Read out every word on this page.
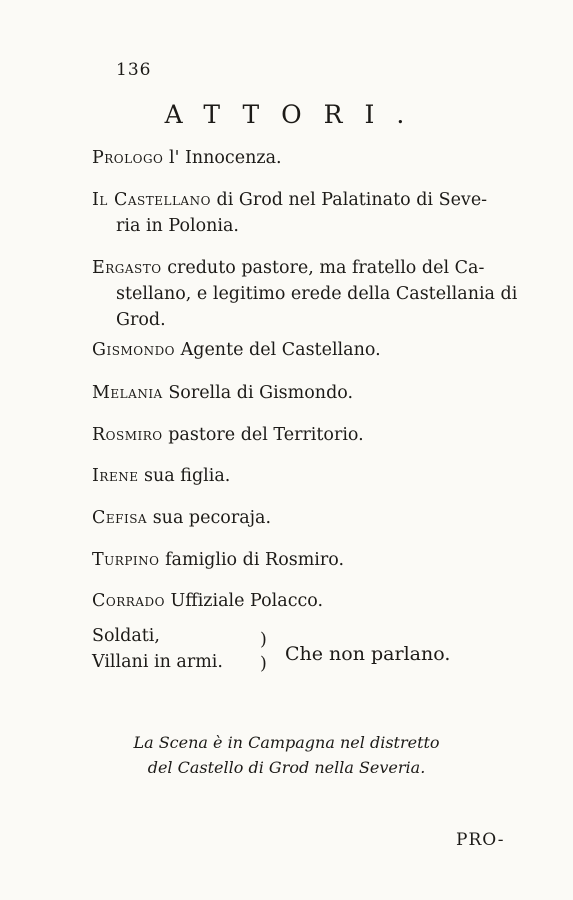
136
ATTORI.
Prologo l' Innocenza.
Il Castellano di Grod nel Palatinato di Seve-
ria in Polonia.
Ergasto creduto pastore, ma fratello del Ca-
stellano, e legitimo erede della Castellania di Grod.
Gismondo Agente del Castellano.
Melania Sorella di Gismondo.
Rosmiro pastore del Territorio.
Irene sua figlia.
Cefisa sua pecoraja.
Turpino famiglio di Rosmiro.
Corrado Uffiziale Polacco.
Soldati,
Villani in armi.
)
) Che non parlano.
La Scena è in Campagna nel distretto
del Castello di Grod nella Severia.
PRO-
